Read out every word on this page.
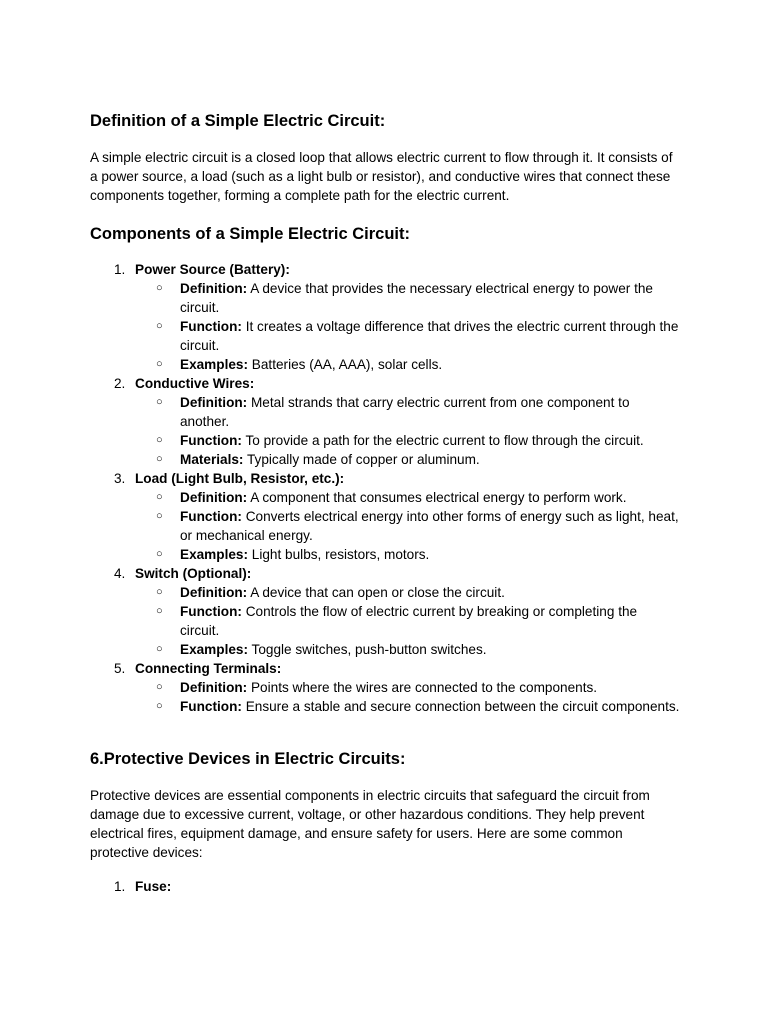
Definition of a Simple Electric Circuit:

A simple electric circuit is a closed loop that allows electric current to flow through it. It consists of a power source, a load (such as a light bulb or resistor), and conductive wires that connect these components together, forming a complete path for the electric current.

Components of a Simple Electric Circuit:
1. Power Source (Battery):
○ Definition: A device that provides the necessary electrical energy to power the circuit.
○ Function: It creates a voltage difference that drives the electric current through the circuit.
○ Examples: Batteries (AA, AAA), solar cells.
2. Conductive Wires:
○ Definition: Metal strands that carry electric current from one component to another.
○ Function: To provide a path for the electric current to flow through the circuit.
○ Materials: Typically made of copper or aluminum.
3. Load (Light Bulb, Resistor, etc.):
○ Definition: A component that consumes electrical energy to perform work.
○ Function: Converts electrical energy into other forms of energy such as light, heat, or mechanical energy.
○ Examples: Light bulbs, resistors, motors.
4. Switch (Optional):
○ Definition: A device that can open or close the circuit.
○ Function: Controls the flow of electric current by breaking or completing the circuit.
○ Examples: Toggle switches, push-button switches.
5. Connecting Terminals:
○ Definition: Points where the wires are connected to the components.
○ Function: Ensure a stable and secure connection between the circuit components.
6.Protective Devices in Electric Circuits:

Protective devices are essential components in electric circuits that safeguard the circuit from damage due to excessive current, voltage, or other hazardous conditions. They help prevent electrical fires, equipment damage, and ensure safety for users. Here are some common protective devices:

1. Fuse:
